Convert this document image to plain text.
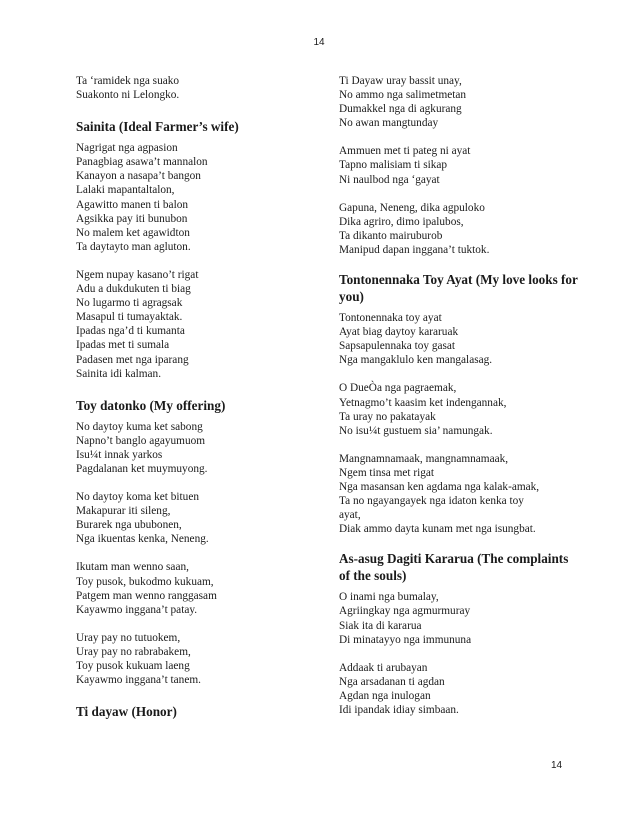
14
Ta ‘ramidek nga suako
Suakonto ni Lelongko.
Sainita (Ideal Farmer’s wife)
Nagrigat nga agpasion
Panagbiag asawa’t mannalon
Kanayon a nasapa’t bangon
Lalaki mapantaltalon,
Agawitto manen ti balon
Agsikka pay iti bunubon
No malem ket agawidton
Ta daytayto man agluton.
Ngem nupay kasano’t rigat
Adu a dukdukuten ti biag
No lugarmo ti agragsak
Masapul ti tumayaktak.
Ipadas nga’d ti kumanta
Ipadas met ti sumala
Padasen met nga iparang
Sainita idi kalman.
Toy datonko (My offering)
No daytoy kuma ket sabong
Napno’t banglo agayumuom
Isu¼t innak yarkos
Pagdalanan ket muymuyong.
No daytoy koma ket bituen
Makapurar iti sileng,
Burarek nga ububonen,
Nga ikuentas kenka, Neneng.
Ikutam man wenno saan,
Toy pusok, bukodmo kukuam,
Patgem man wenno ranggasam
Kayawmo inggana’t patay.
Uray pay no tutuokem,
Uray pay no rabrabakem,
Toy pusok kukuam laeng
Kayawmo inggana’t tanem.
Ti dayaw (Honor)
Ti Dayaw uray bassit unay,
No ammo nga salimetmetan
Dumakkel nga di agkurang
No awan mangtunday
Ammuen met ti pateg ni ayat
Tapno malisiam ti sikap
Ni naulbod nga ‘gayat
Gapuna, Neneng, dika agpuloko
Dika agriro, dimo ipalubos,
Ta dikanto mairuburob
Manipud dapan inggana’t tuktok.
Tontonennaka Toy Ayat (My love looks for you)
Tontonennaka toy ayat
Ayat biag daytoy kararuak
Sapsapulennaka toy gasat
Nga mangaklulo ken mangalasag.
O DueÒa nga pagraemak,
Yetnagmo’t kaasim ket indengannak,
Ta uray no pakatayak
No isu¼t gustuem sia’ namungak.
Mangnamnamaak, mangnamnamaak,
Ngem tinsa met rigat
Nga masansan ken agdama nga kalak-amak,
Ta no ngayangayek nga idaton kenka toy
ayat,
Diak ammo dayta kunam met nga isungbat.
As-asug Dagiti Kararua (The complaints of the souls)
O inami nga bumalay,
Agriingkay nga agmurmuray
Siak ita di kararua
Di minatayyo nga immununa
Addaak ti arubayan
Nga arsadanan ti agdan
Agdan nga inulogan
Idi ipandak idiay simbaan.
14
